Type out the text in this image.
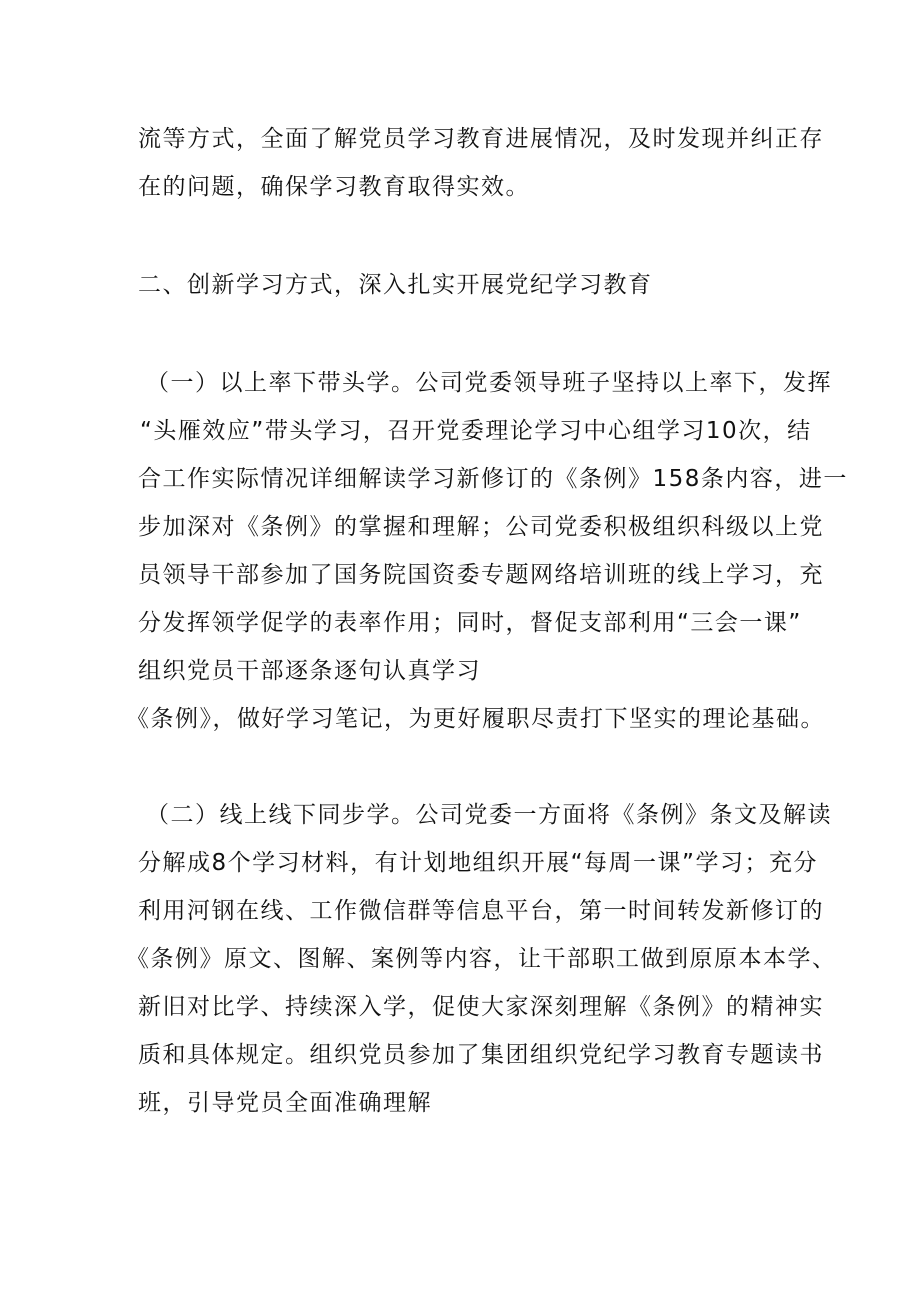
流等方式，全面了解党员学习教育进展情况，及时发现并纠正存
在的问题，确保学习教育取得实效。
二、创新学习方式，深入扎实开展党纪学习教育
（一）以上率下带头学。公司党委领导班子坚持以上率下，发挥
“头雁效应”带头学习，召开党委理论学习中心组学习10次，结
合工作实际情况详细解读学习新修订的《条例》158条内容，进一
步加深对《条例》的掌握和理解；公司党委积极组织科级以上党
员领导干部参加了国务院国资委专题网络培训班的线上学习，充
分发挥领学促学的表率作用；同时，督促支部利用“三会一课”
组织党员干部逐条逐句认真学习
《条例》，做好学习笔记，为更好履职尽责打下坚实的理论基础。
（二）线上线下同步学。公司党委一方面将《条例》条文及解读
分解成8个学习材料，有计划地组织开展“每周一课”学习；充分
利用河钢在线、工作微信群等信息平台，第一时间转发新修订的
《条例》原文、图解、案例等内容，让干部职工做到原原本本学、
新旧对比学、持续深入学，促使大家深刻理解《条例》的精神实
质和具体规定。组织党员参加了集团组织党纪学习教育专题读书
班，引导党员全面准确理解
